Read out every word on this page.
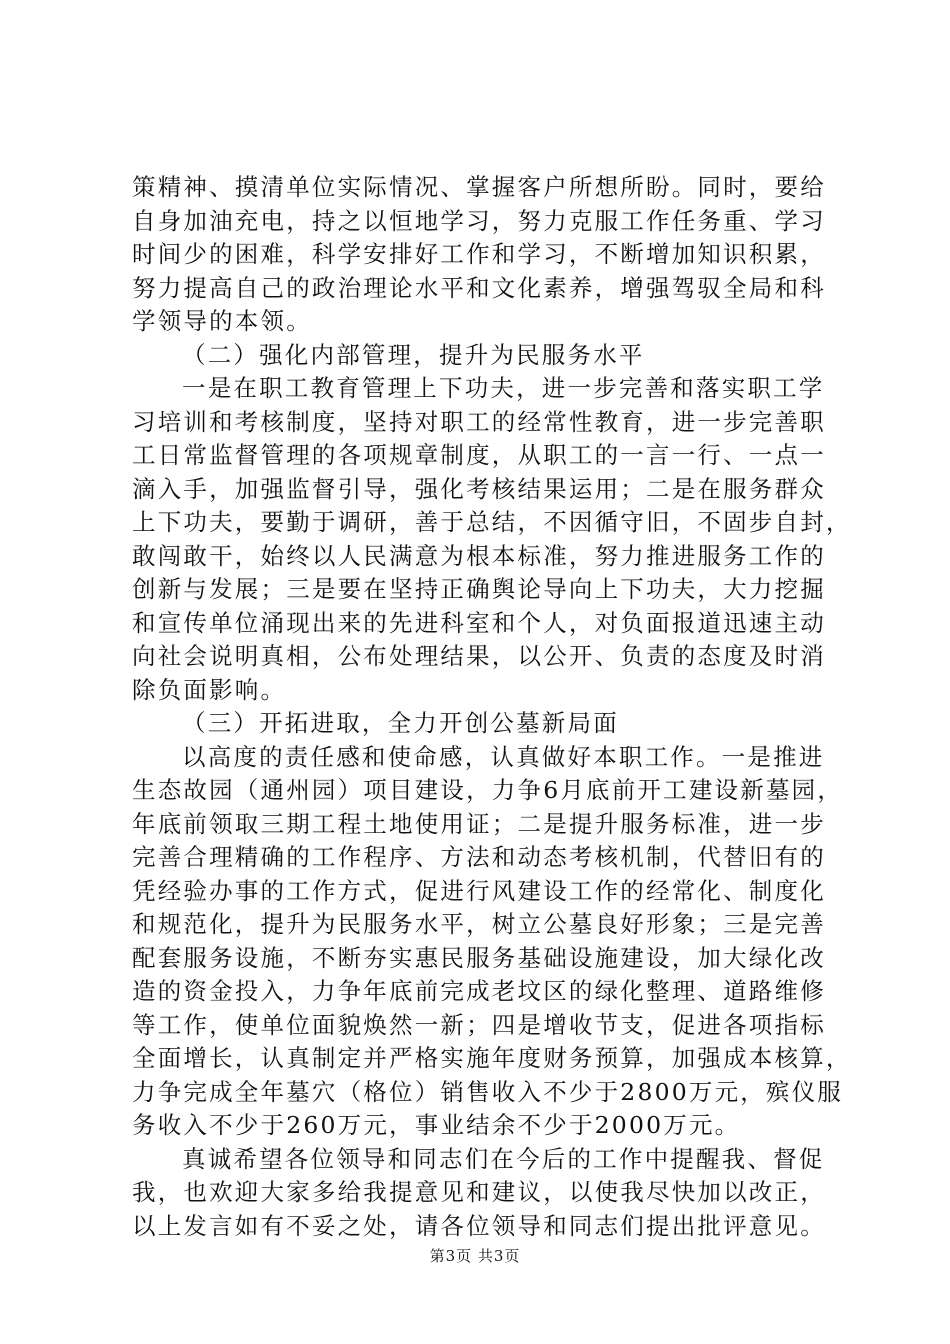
策精神、摸清单位实际情况、掌握客户所想所盼。同时，要给
自身加油充电，持之以恒地学习，努力克服工作任务重、学习
时间少的困难，科学安排好工作和学习，不断增加知识积累，
努力提高自己的政治理论水平和文化素养，增强驾驭全局和科
学领导的本领。
（二）强化内部管理，提升为民服务水平
一是在职工教育管理上下功夫，进一步完善和落实职工学
习培训和考核制度，坚持对职工的经常性教育，进一步完善职
工日常监督管理的各项规章制度，从职工的一言一行、一点一
滴入手，加强监督引导，强化考核结果运用；二是在服务群众
上下功夫，要勤于调研，善于总结，不因循守旧，不固步自封，
敢闯敢干，始终以人民满意为根本标准，努力推进服务工作的
创新与发展；三是要在坚持正确舆论导向上下功夫，大力挖掘
和宣传单位涌现出来的先进科室和个人，对负面报道迅速主动
向社会说明真相，公布处理结果，以公开、负责的态度及时消
除负面影响。
（三）开拓进取，全力开创公墓新局面
以高度的责任感和使命感，认真做好本职工作。一是推进
生态故园（通州园）项目建设，力争6月底前开工建设新墓园，
年底前领取三期工程土地使用证；二是提升服务标准，进一步
完善合理精确的工作程序、方法和动态考核机制，代替旧有的
凭经验办事的工作方式，促进行风建设工作的经常化、制度化
和规范化，提升为民服务水平，树立公墓良好形象；三是完善
配套服务设施，不断夯实惠民服务基础设施建设，加大绿化改
造的资金投入，力争年底前完成老坟区的绿化整理、道路维修
等工作，使单位面貌焕然一新；四是增收节支，促进各项指标
全面增长，认真制定并严格实施年度财务预算，加强成本核算，
力争完成全年墓穴（格位）销售收入不少于2800万元，殡仪服
务收入不少于260万元，事业结余不少于2000万元。
真诚希望各位领导和同志们在今后的工作中提醒我、督促
我，也欢迎大家多给我提意见和建议，以使我尽快加以改正，
以上发言如有不妥之处，请各位领导和同志们提出批评意见。
第3页 共3页
